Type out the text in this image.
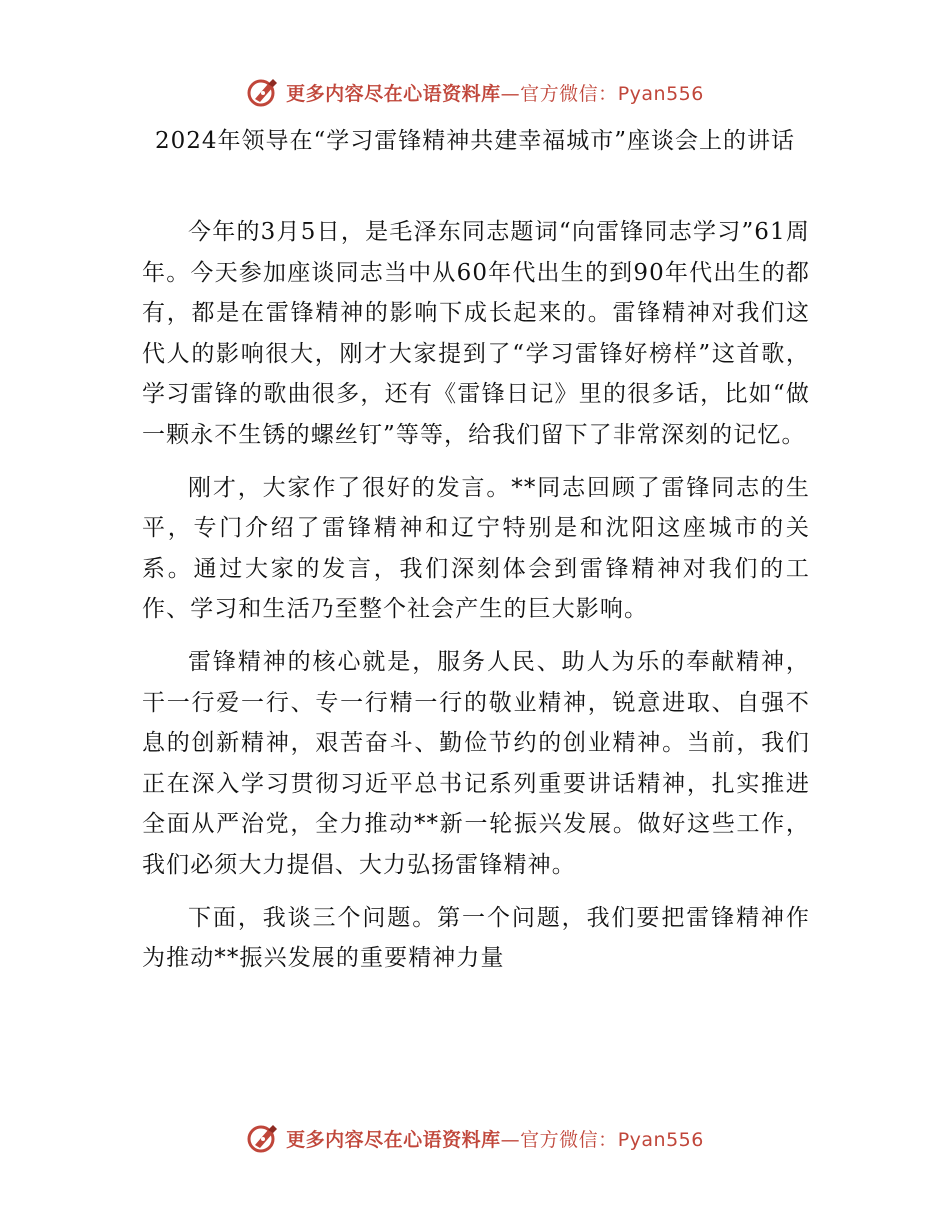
更多内容尽在心语资料库—官方微信：Pyan556
2024年领导在“学习雷锋精神共建幸福城市”座谈会上的讲话

今年的3月5日，是毛泽东同志题词“向雷锋同志学习”61周年。今天参加座谈同志当中从60年代出生的到90年代出生的都有，都是在雷锋精神的影响下成长起来的。雷锋精神对我们这代人的影响很大，刚才大家提到了“学习雷锋好榜样”这首歌，学习雷锋的歌曲很多，还有《雷锋日记》里的很多话，比如“做一颗永不生锈的螺丝钉”等等，给我们留下了非常深刻的记忆。

刚才，大家作了很好的发言。**同志回顾了雷锋同志的生平，专门介绍了雷锋精神和辽宁特别是和沈阳这座城市的关系。通过大家的发言，我们深刻体会到雷锋精神对我们的工作、学习和生活乃至整个社会产生的巨大影响。

雷锋精神的核心就是，服务人民、助人为乐的奉献精神，干一行爱一行、专一行精一行的敬业精神，锐意进取、自强不息的创新精神，艰苦奋斗、勤俭节约的创业精神。当前，我们正在深入学习贯彻习近平总书记系列重要讲话精神，扎实推进全面从严治党，全力推动**新一轮振兴发展。做好这些工作，我们必须大力提倡、大力弘扬雷锋精神。

下面，我谈三个问题。第一个问题，我们要把雷锋精神作为推动**振兴发展的重要精神力量

更多内容尽在心语资料库—官方微信：Pyan556
